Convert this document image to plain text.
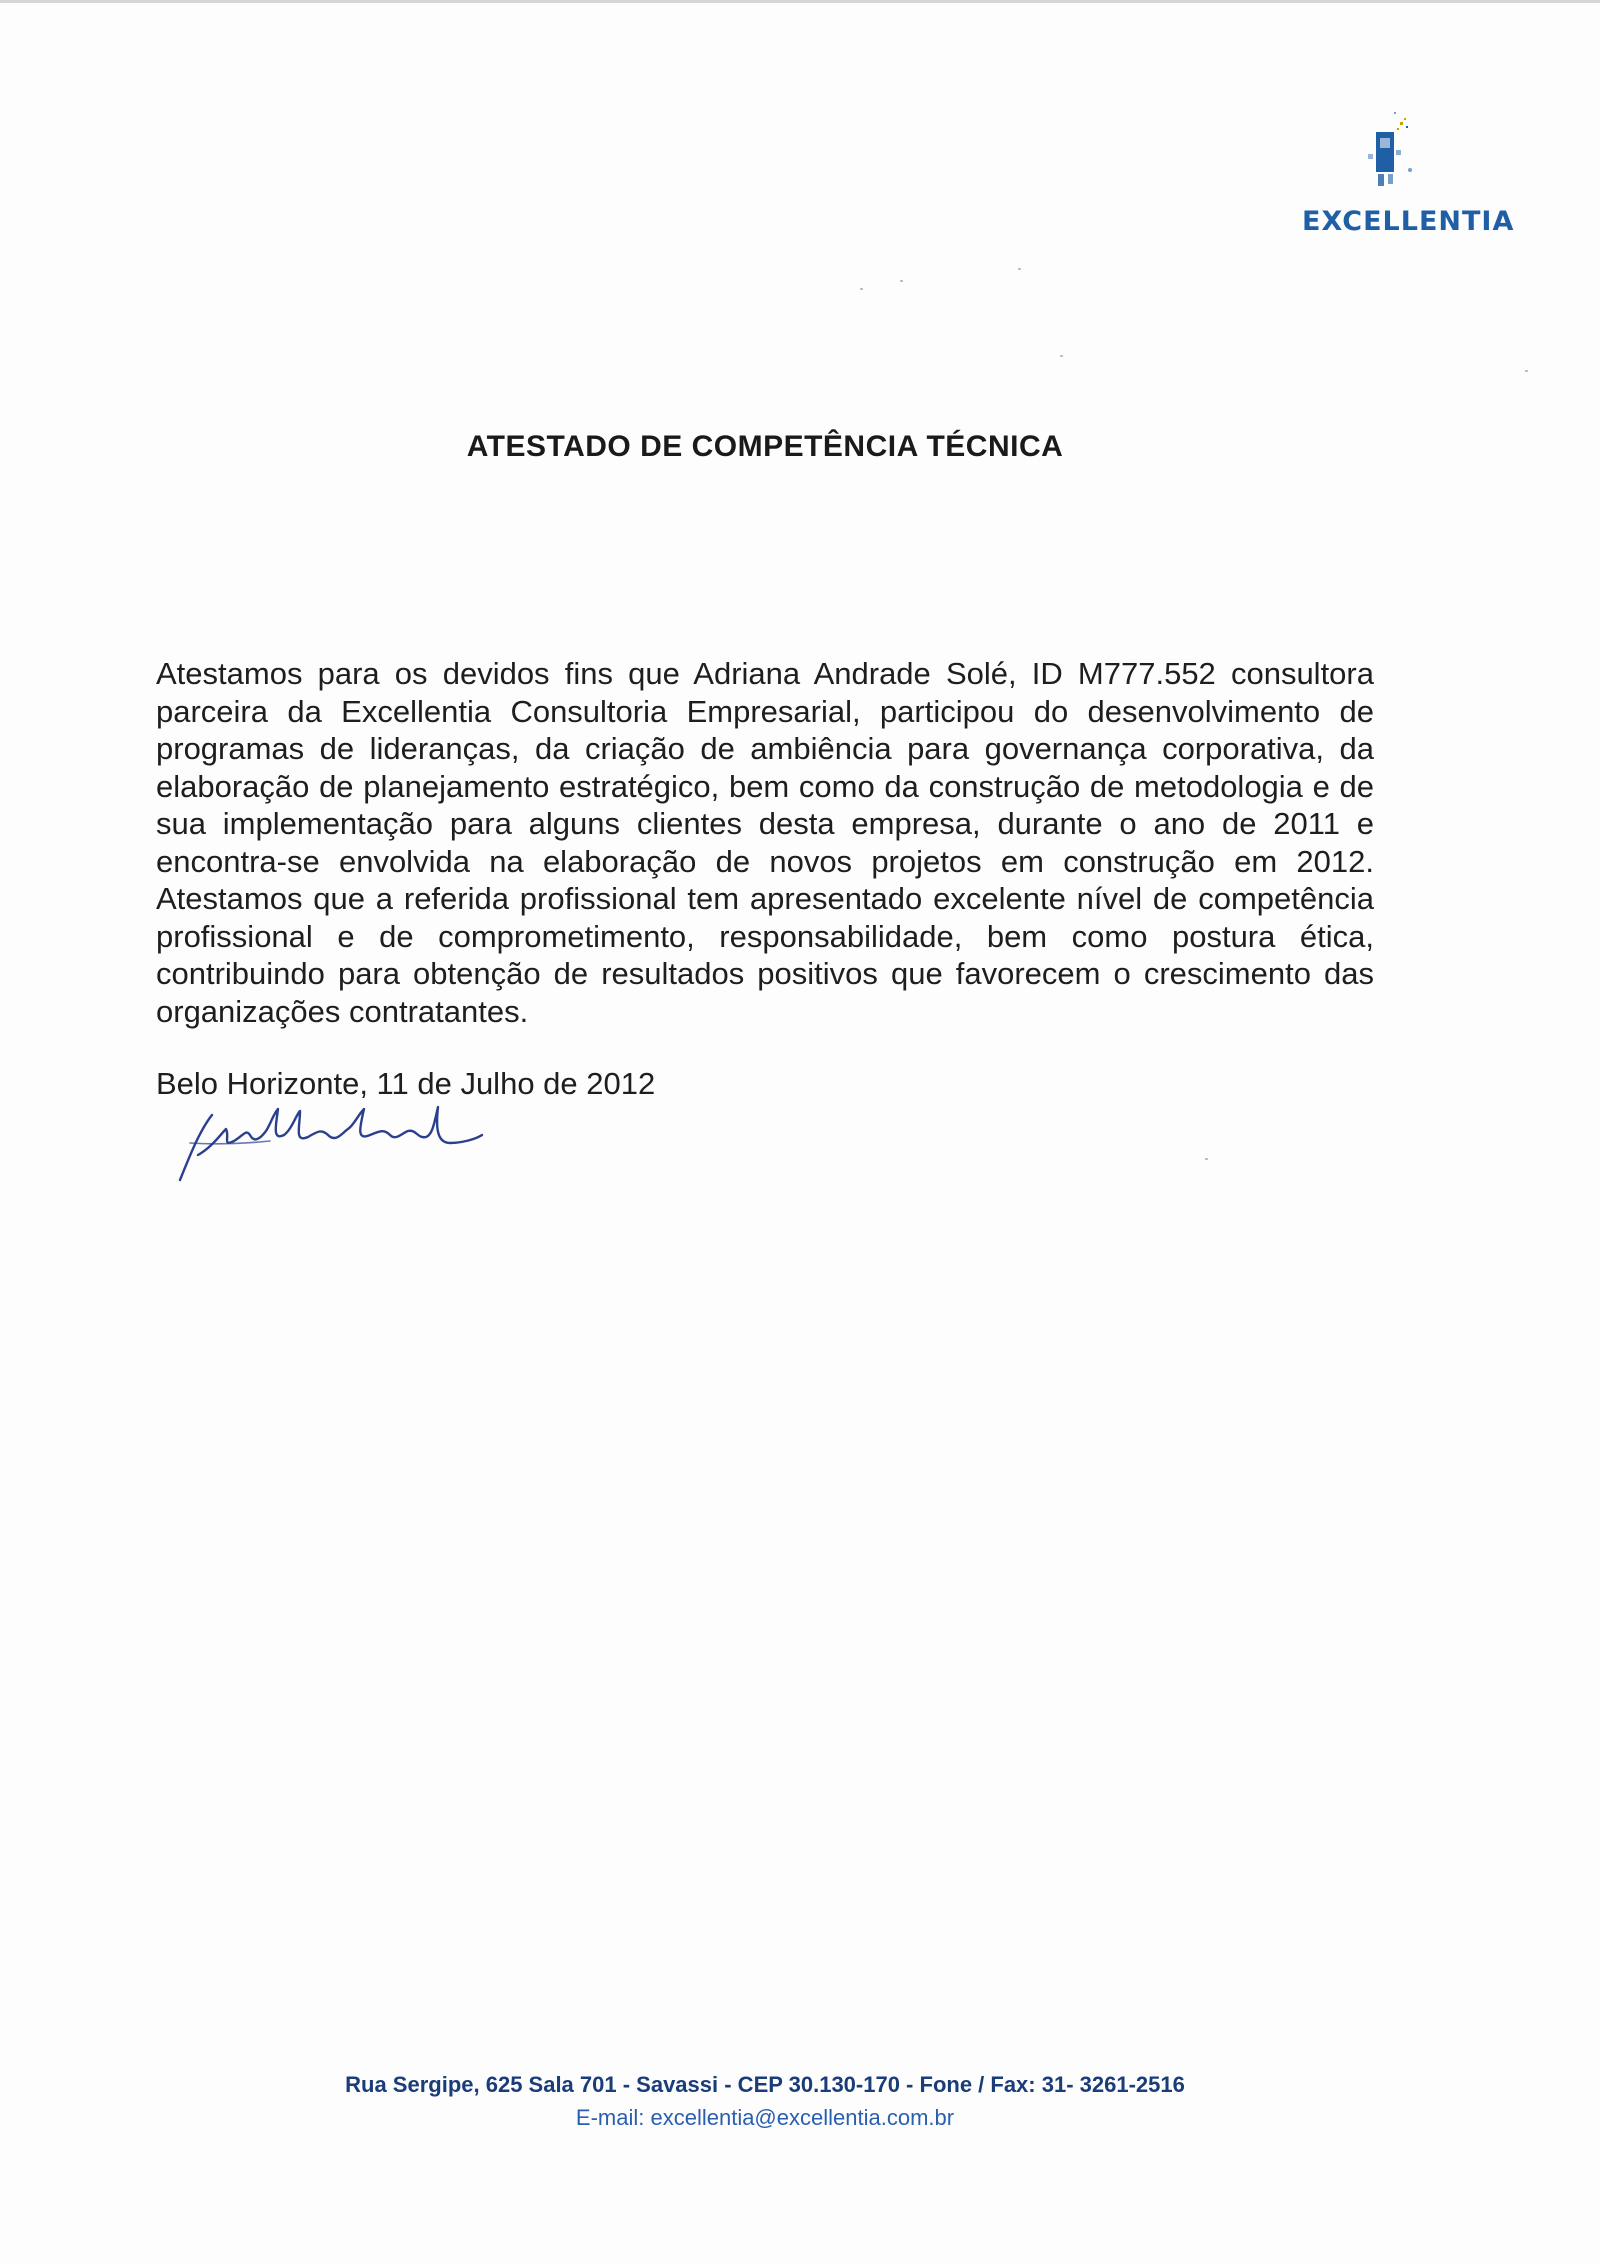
EXCELLENTIA
ATESTADO DE COMPETÊNCIA TÉCNICA
Atestamos para os devidos fins que Adriana Andrade Solé, ID M777.552 consultora parceira da Excellentia Consultoria Empresarial, participou do desenvolvimento de programas de lideranças, da criação de ambiência para governança corporativa, da elaboração de planejamento estratégico, bem como da construção de metodologia e de sua implementação para alguns clientes desta empresa, durante o ano de 2011 e encontra-se envolvida na elaboração de novos projetos em construção em 2012. Atestamos que a referida profissional tem apresentado excelente nível de competência profissional e de comprometimento, responsabilidade, bem como postura ética, contribuindo para obtenção de resultados positivos que favorecem o crescimento das organizações contratantes.
Belo Horizonte, 11 de Julho de 2012
Rua Sergipe, 625 Sala 701 - Savassi - CEP 30.130-170 - Fone / Fax: 31- 3261-2516
E-mail: excellentia@excellentia.com.br
